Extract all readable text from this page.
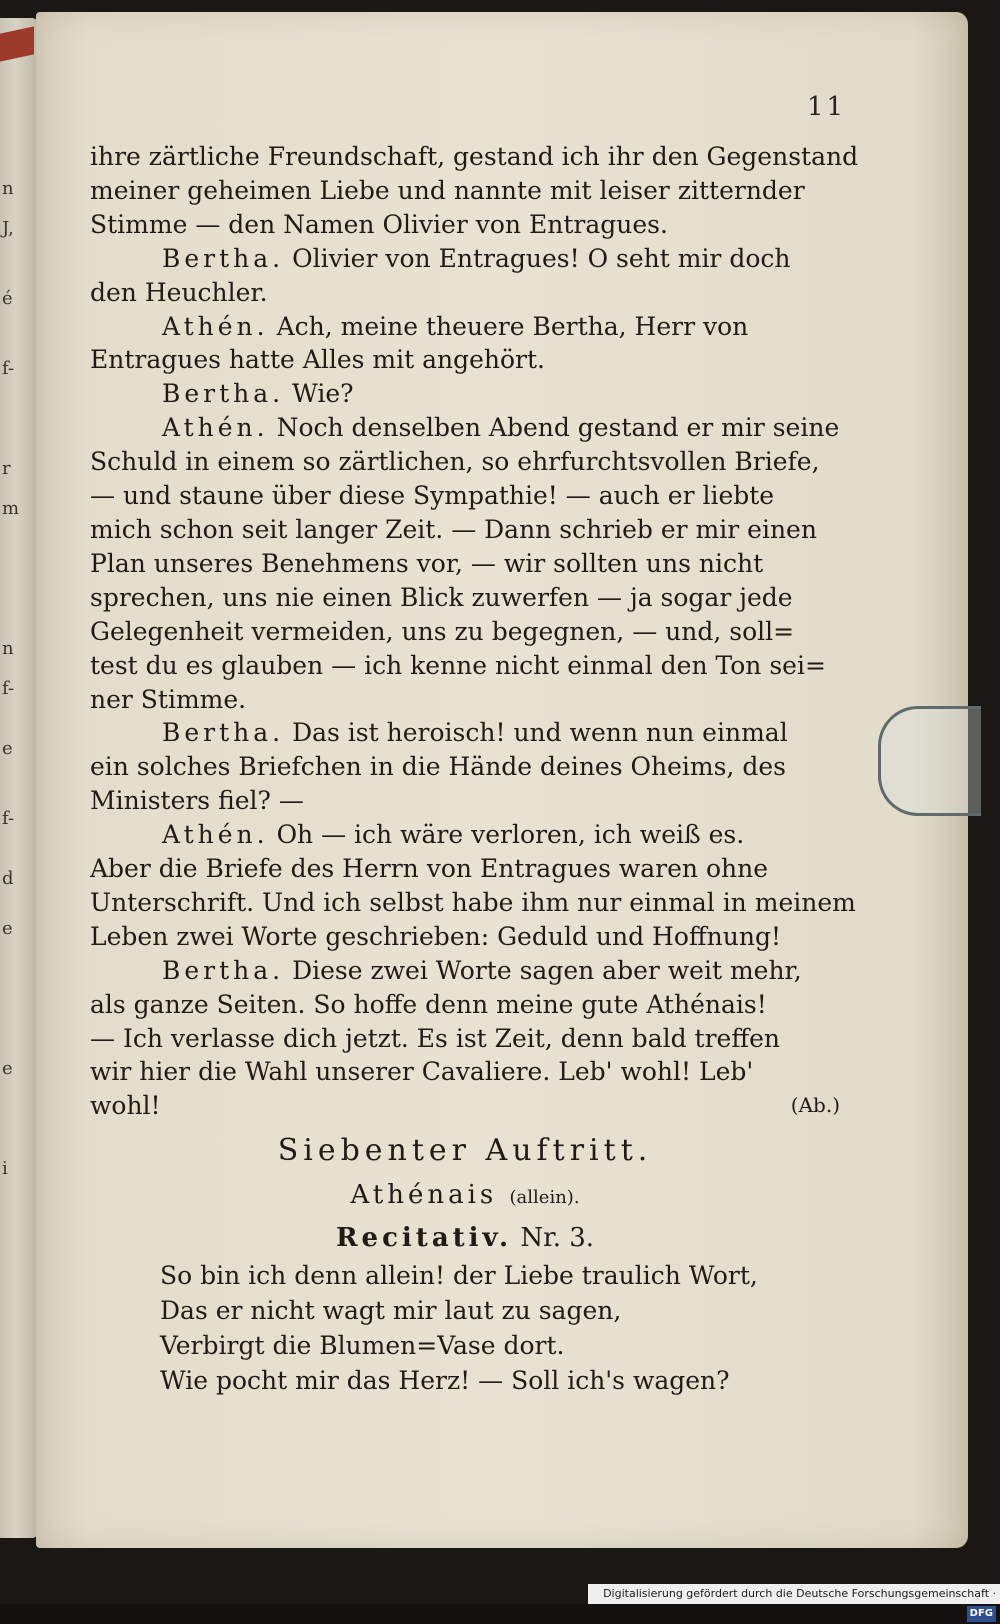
n
J,
é
f-
r
m
n
f-
e
f-
d
e
e
i
11
ihre zärtliche Freundschaft, gestand ich ihr den Gegenstand
meiner geheimen Liebe und nannte mit leiser zitternder
Stimme — den Namen Olivier von Entragues.
Bertha. Olivier von Entragues! O seht mir doch
den Heuchler.
Athén. Ach, meine theuere Bertha, Herr von
Entragues hatte Alles mit angehört.
Bertha. Wie?
Athén. Noch denselben Abend gestand er mir seine
Schuld in einem so zärtlichen, so ehrfurchtsvollen Briefe,
— und staune über diese Sympathie! — auch er liebte
mich schon seit langer Zeit. — Dann schrieb er mir einen
Plan unseres Benehmens vor, — wir sollten uns nicht
sprechen, uns nie einen Blick zuwerfen — ja sogar jede
Gelegenheit vermeiden, uns zu begegnen, — und, soll=
test du es glauben — ich kenne nicht einmal den Ton sei=
ner Stimme.
Bertha. Das ist heroisch! und wenn nun einmal
ein solches Briefchen in die Hände deines Oheims, des
Ministers fiel? —
Athén. Oh — ich wäre verloren, ich weiß es.
Aber die Briefe des Herrn von Entragues waren ohne
Unterschrift. Und ich selbst habe ihm nur einmal in meinem
Leben zwei Worte geschrieben: Geduld und Hoffnung!
Bertha. Diese zwei Worte sagen aber weit mehr,
als ganze Seiten. So hoffe denn meine gute Athénais!
— Ich verlasse dich jetzt. Es ist Zeit, denn bald treffen
wir hier die Wahl unserer Cavaliere. Leb' wohl! Leb'
wohl!	(Ab.)
Siebenter Auftritt.
Athénais (allein).
Recitativ. Nr. 3.
So bin ich denn allein! der Liebe traulich Wort,
Das er nicht wagt mir laut zu sagen,
Verbirgt die Blumen=Vase dort.
Wie pocht mir das Herz! — Soll ich's wagen?
Digitalisierung gefördert durch die Deutsche Forschungsgemeinschaft ·DFG
